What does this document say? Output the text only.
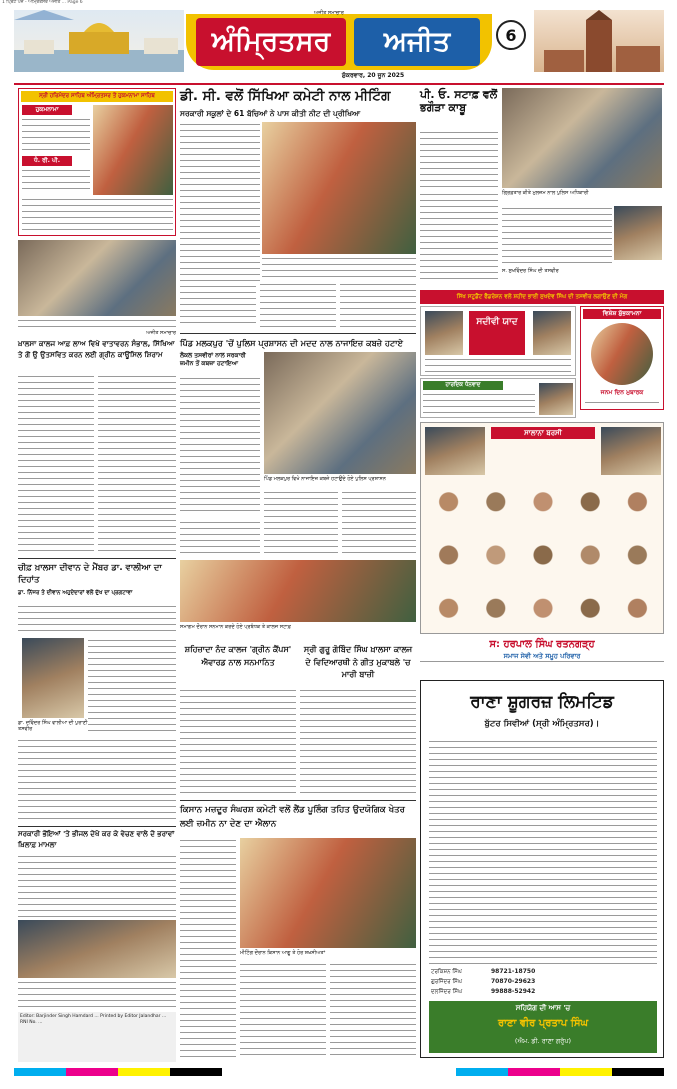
1 ਪ੍ਰਿੰਟ ਪੇਜ - ਅੰਮ੍ਰਿਤਸਰ ਅਜੀਤ ... Page 6
ਅੰਮ੍ਰਿਤਸਰ	ਅਜੀਤ	6
ਅਜੀਤ ਸਮਾਚਾਰ
ਸ਼ੁੱਕਰਵਾਰ, 20 ਜੂਨ 2025
ਸ੍ਰੀ ਹਰਿਮੰਦਰ ਸਾਹਿਬ ਅੰਮ੍ਰਿਤਸਰ ਤੋਂ ਹੁਕਮਨਾਮਾ ਸਾਹਿਬ
ਹੁਕਮਨਾਮਾ
ਧੰ. ਰੀ. ਪੀ.
ਅਜੀਤ ਸਮਾਚਾਰ
ਖ਼ਾਲਸਾ ਕਾਲਜ ਆਫ਼ ਲਾਅ ਵਿਖੇ ਵਾਤਾਵਰਨ ਸੰਭਾਲ, ਸਿੱਖਿਆ ਤੇ ਗੋਂ ਉ ਉਤਸਵਿਤ ਕਰਨ ਲਈ ਗ੍ਰੀਨ ਕਾਊਂਸਿਲ ਸ਼ਿਰਾਮ
ਚੀਫ਼ ਖ਼ਾਲਸਾ ਦੀਵਾਨ ਦੇ ਮੈਂਬਰ ਡਾ. ਵਾਲੀਆ ਦਾ ਦਿਹਾਂਤ
ਡਾ. ਨਿੱਜਰ ਤੇ ਦੀਵਾਨ ਅਹੁਦੇਦਾਰਾਂ ਵਲੋਂ ਦੁੱਖ ਦਾ ਪ੍ਰਗਟਾਵਾ
ਡਾ. ਦਵਿੰਦਰ ਸਿੰਘ ਵਾਲੀਆ ਦੀ ਪੁਰਾਣੀ ਤਸਵੀਰ
ਸਰਕਾਰੀ ਭੋਂਇਆਂ 'ਤੇ ਭੀਜਲ ਦੇਖੋ ਕਰ ਕੇ ਵੇਚਣ ਵਾਲੇ ਦੋ ਭਰਾਵਾਂ ਖ਼ਿਲਾਫ਼ ਮਾਮਲਾ
Editor: Barjinder Singh Hamdard ... Printed by Editor Jalandhar ... RNI No. ...
ਡੀ. ਸੀ. ਵਲੋਂ ਸਿੱਖਿਆ ਕਮੇਟੀ ਨਾਲ ਮੀਟਿੰਗ
ਸਰਕਾਰੀ ਸਕੂਲਾਂ ਦੇ 61 ਬੱਚਿਆਂ ਨੇ ਪਾਸ ਕੀਤੀ ਨੀਟ ਦੀ ਪ੍ਰੀਖਿਆ
ਪੀ. ਓ. ਸਟਾਫ਼ ਵਲੋਂ ਭਗੌੜਾ ਕਾਬੂ
ਗ੍ਰਿਫ਼ਤਾਰ ਕੀਤੇ ਮੁਲਜ਼ਮ ਨਾਲ ਪੁਲਿਸ ਅਧਿਕਾਰੀ
ਸ. ਸੁਖਵਿੰਦਰ ਸਿੰਘ ਦੀ ਤਸਵੀਰ
ਸਿੱਖ ਸਟੂਡੈਂਟ ਫੈਡਰੇਸ਼ਨ ਵਲੋਂ ਸ਼ਹੀਦ ਭਾਈ ਸੁਖਦੇਵ ਸਿੰਘ ਦੀ ਤਸਵੀਰ ਲਗਾਉਣ ਦੀ ਮੰਗ
ਸਦੀਵੀ ਯਾਦ
ਵਿਸ਼ੇਸ਼ ਸ਼ੁੱਭਕਾਮਨਾ
ਜਨਮ ਦਿਨ ਮੁਬਾਰਕ
ਹਾਰਦਿਕ ਧੰਨਵਾਦ
ਸਾਲਾਨਾ ਬਰਸੀ
ਸ: ਹਰਪਾਲ ਸਿੰਘ ਰਤਨਗੜ੍ਹ
ਸਮਾਜ ਸੇਵੀ ਅਤੇ ਸਮੂਹ ਪਰਿਵਾਰ
ਪਿੰਡ ਮਲਕਪੁਰ 'ਚੋਂ ਪੁਲਿਸ ਪ੍ਰਸ਼ਾਸਨ ਦੀ ਮਦਦ ਨਾਲ ਨਾਜਾਇਜ਼ ਕਬਜ਼ੇ ਹਟਾਏ
ਲੋਕਲ ਤਸਵੀਰਾਂ ਨਾਲ ਸਰਕਾਰੀ ਜ਼ਮੀਨ ਤੋਂ ਕਬਜ਼ਾ ਹਟਾਇਆ
ਪਿੰਡ ਮਲਕਪੁਰ ਵਿਖੇ ਨਾਜਾਇਜ਼ ਕਬਜ਼ੇ ਹਟਾਉਂਦੇ ਹੋਏ ਪੁਲਿਸ ਪ੍ਰਸ਼ਾਸਨ
ਸਮਾਗਮ ਦੌਰਾਨ ਸਨਮਾਨ ਕਰਦੇ ਹੋਏ ਪ੍ਰਬੰਧਕ ਤੇ ਕਾਲਜ ਸਟਾਫ਼
ਸ਼ਹਿਜ਼ਾਦਾ ਨੰਦ ਕਾਲਜ 'ਗ੍ਰੀਨ ਕੈਂਪਸ' ਐਵਾਰਡ ਨਾਲ ਸਨਮਾਨਿਤ
ਸ੍ਰੀ ਗੁਰੂ ਗੋਬਿੰਦ ਸਿੰਘ ਖ਼ਾਲਸਾ ਕਾਲਜ ਦੇ ਵਿਦਿਆਰਥੀ ਨੇ ਗੀਤ ਮੁਕਾਬਲੇ 'ਚ ਮਾਰੀ ਬਾਜ਼ੀ
ਕਿਸਾਨ ਮਜ਼ਦੂਰ ਸੰਘਰਸ਼ ਕਮੇਟੀ ਵਲੋਂ ਲੈਂਡ ਪੂਲਿੰਗ ਤਹਿਤ ਉਦਯੋਗਿਕ ਖੇਤਰ ਲਈ ਜ਼ਮੀਨ ਨਾ ਦੇਣ ਦਾ ਐਲਾਨ
ਮੀਟਿੰਗ ਦੌਰਾਨ ਕਿਸਾਨ ਆਗੂ ਤੇ ਹੋਰ ਸ਼ਖ਼ਸੀਅਤਾਂ
ਰਾਣਾ ਸ਼ੂਗਰਜ਼ ਲਿਮਟਿਡ
ਬੁੱਟਰ ਸਿਵੀਆਂ (ਸ੍ਰੀ ਅੰਮ੍ਰਿਤਸਰ)।
ਟਰਕਿਸ਼ਨ ਸਿੰਘ	98721-18750
ਗੁਰਜਿੰਦਰ ਸਿੰਘ	70870-29623
ਦਲਜਿੰਦਰ ਸਿੰਘ	99888-52942
ਸਹਿਯੋਗ ਦੀ ਆਸ 'ਚ
ਰਾਣਾ ਵੀਰ ਪ੍ਰਤਾਪ ਸਿੰਘ
(ਐਮ. ਡੀ. ਰਾਣਾ ਗਰੁੱਪ)
